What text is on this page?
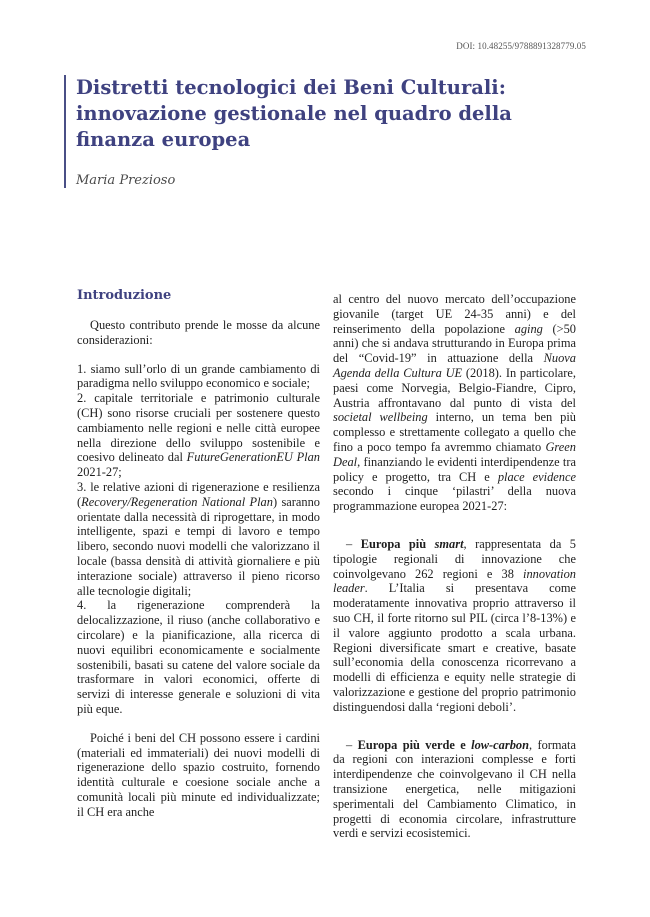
DOI: 10.48255/9788891328779.05
Distretti tecnologici dei Beni Culturali: innovazione gestionale nel quadro della finanza europea
Maria Prezioso
Introduzione

Questo contributo prende le mosse da alcune considerazioni:

1. siamo sull’orlo di un grande cambiamento di paradigma nello sviluppo economico e sociale;

2. capitale territoriale e patrimonio culturale (CH) sono risorse cruciali per sostenere questo cambiamento nelle regioni e nelle città europee nella direzione dello sviluppo sostenibile e coesivo delineato dal FutureGenerationEU Plan 2021-27;

3. le relative azioni di rigenerazione e resilienza (Recovery/Regeneration National Plan) saranno orientate dalla necessità di riprogettare, in modo intelligente, spazi e tempi di lavoro e tempo libero, secondo nuovi modelli che valorizzano il locale (bassa densità di attività giornaliere e più interazione sociale) attraverso il pieno ricorso alle tecnologie digitali;

4. la rigenerazione comprenderà la delocalizzazione, il riuso (anche collaborativo e circolare) e la pianificazione, alla ricerca di nuovi equilibri economicamente e socialmente sostenibili, basati su catene del valore sociale da trasformare in valori economici, offerte di servizi di interesse generale e soluzioni di vita più eque.

Poiché i beni del CH possono essere i cardini (materiali ed immateriali) dei nuovi modelli di rigenerazione dello spazio costruito, fornendo identità culturale e coesione sociale anche a comunità locali più minute ed individualizzate; il CH era anche

al centro del nuovo mercato dell’occupazione giovanile (target UE 24-35 anni) e del reinserimento della popolazione aging (>50 anni) che si andava strutturando in Europa prima del “Covid-19” in attuazione della Nuova Agenda della Cultura UE (2018). In particolare, paesi come Norvegia, Belgio-Fiandre, Cipro, Austria affrontavano dal punto di vista del societal wellbeing interno, un tema ben più complesso e strettamente collegato a quello che fino a poco tempo fa avremmo chiamato Green Deal, finanziando le evidenti interdipendenze tra policy e progetto, tra CH e place evidence secondo i cinque ‘pilastri’ della nuova programmazione europea 2021-27:

– Europa più smart, rappresentata da 5 tipologie regionali di innovazione che coinvolgevano 262 regioni e 38 innovation leader. L’Italia si presentava come moderatamente innovativa proprio attraverso il suo CH, il forte ritorno sul PIL (circa l’8-13%) e il valore aggiunto prodotto a scala urbana. Regioni diversificate smart e creative, basate sull’economia della conoscenza ricorrevano a modelli di efficienza e equity nelle strategie di valorizzazione e gestione del proprio patrimonio distinguendosi dalla ‘regioni deboli’.

– Europa più verde e low-carbon, formata da regioni con interazioni complesse e forti interdipendenze che coinvolgevano il CH nella transizione energetica, nelle mitigazioni sperimentali del Cambiamento Climatico, in progetti di economia circolare, infrastrutture verdi e servizi ecosistemici.
